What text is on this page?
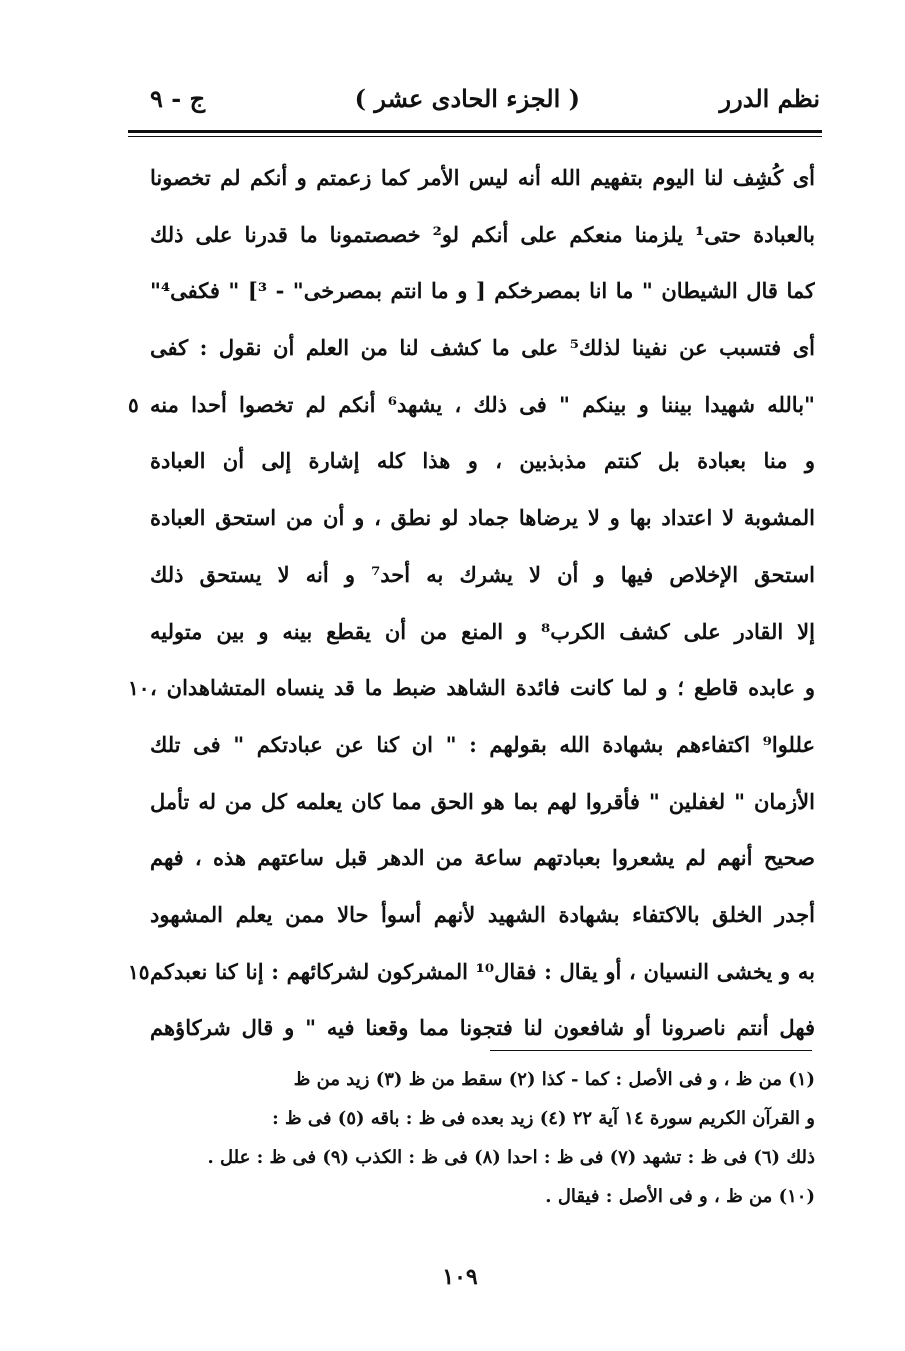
نظم الدرر
( الجزء الحادى عشر )
ج - ٩
أى كُشِف لنا اليوم بتفهيم الله أنه ليس الأمر كما زعمتم و أنكم لم تخصونا
بالعبادة حتى¹ يلزمنا منعكم على أنكم لو² خصصتمونا ما قدرنا على ذلك
كما قال الشيطان " ما انا بمصرخكم [ و ما انتم بمصرخى" - ³] " فكفى⁴"
أى فتسبب عن نفينا لذلك⁵ على ما كشف لنا من العلم أن نقول : كفى
"بالله شهيدا بيننا و بينكم " فى ذلك ، يشهد⁶ أنكم لم تخصوا أحدا منه
٥
و منا بعبادة بل كنتم مذبذبين ، و هذا كله إشارة إلى أن العبادة
المشوبة لا اعتداد بها و لا يرضاها جماد لو نطق ، و أن من استحق العبادة
استحق الإخلاص فيها و أن لا يشرك به أحد⁷ و أنه لا يستحق ذلك
إلا القادر على كشف الكرب⁸ و المنع من أن يقطع بينه و بين متوليه
و عابده قاطع ؛ و لما كانت فائدة الشاهد ضبط ما قد ينساه المتشاهدان ،
١٠
عللوا⁹ اكتفاءهم بشهادة الله بقولهم : " ان كنا عن عبادتكم " فى تلك
الأزمان " لغفلين " فأقروا لهم بما هو الحق مما كان يعلمه كل من له تأمل
صحيح أنهم لم يشعروا بعبادتهم ساعة من الدهر قبل ساعتهم هذه ، فهم
أجدر الخلق بالاكتفاء بشهادة الشهيد لأنهم أسوأ حالا ممن يعلم المشهود
به و يخشى النسيان ، أو يقال : فقال¹⁰ المشركون لشركائهم : إنا كنا نعبدكم
١٥
فهل أنتم ناصرونا أو شافعون لنا فتجونا مما وقعنا فيه " و قال شركاؤهم
(١) من ظ ، و فى الأصل : كما - كذا (٢) سقط من ظ (٣) زيد من ظ
و القرآن الكريم سورة ١٤ آية ٢٢ (٤) زيد بعده فى ظ : باقه (٥) فى ظ :
ذلك (٦) فى ظ : تشهد (٧) فى ظ : احدا (٨) فى ظ : الكذب (٩) فى ظ : علل .
(١٠) من ظ ، و فى الأصل : فيقال .
١٠٩
